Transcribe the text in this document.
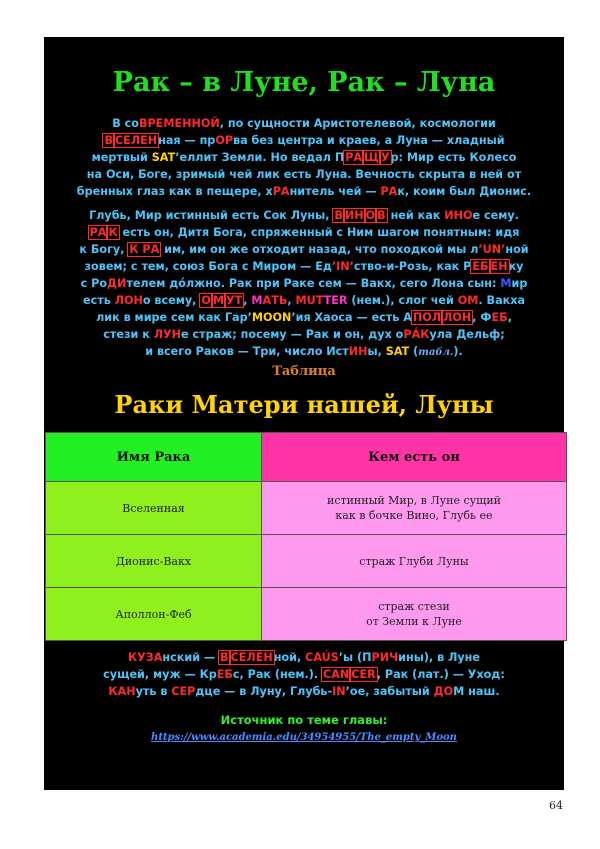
Рак – в Луне, Рак – Луна
В соВРЕМЕННОЙ, по сущности Аристотелевой, космологии
В СЕЛЕНная — прОРва без центра и краев, а Луна — хладный
мертвый SAT’еллит Земли. Но ведал ПРА Щ Ур: Мир есть Колесо
на Оси, Боге, зримый чей лик есть Луна. Вечность скрыта в ней от
бренных глаз как в пещере, хРАнитель чей — РАк, коим был Дионис.
Глубь, Мир истинный есть Сок Луны, В ИН О В ней как ИНОе сему.
РА К есть он, Дитя Бога, спряженный с Ним шагом понятным: идя
к Богу, К РА им, им он же отходит назад, что походкой мы л’UN’ной
зовем; с тем, союз Бога с Миром — Ед’IN’ство-и-Розь, как РЕБ ЁНку
с РоДИтелем дóлжно. Рак при Раке сем — Вакх, сего Лона сын: Мир
есть ЛОНо всему, О М УТ, МАТЬ, MUTTER (нем.), слог чей ОМ. Вакха
лик в мире сем как Гар’MOON’ия Хаоса — есть АПОЛ ЛОН, ФЕБ,
стези к ЛУНе страж; посему — Рак и он, дух оРÁКула Дельф;
и всего Раков — Три, число ИстИНы, SAT (табл.).
Таблица
Раки Матери нашей, Луны
КУЗАнский — В СЕЛЕНной, CAÚS’ы (ПРИЧины), в Луне
сущей, муж — КрЕБс, Рак (нем.). CAN CER, Рак (лат.) — Уход:
КАНуть в СЕРдце — в Луну, Глубь-IN’ое, забытый ДОМ наш.
Источник по теме главы:
https://www.academia.edu/34954955/The_empty_Moon
Имя Рака	Кем есть он
Вселенная	истинный Мир, в Луне сущий
как в бочке Вино, Глубь ее
Дионис-Вакх	страж Глуби Луны
Аполлон-Феб	страж стези
от Земли к Луне
64
